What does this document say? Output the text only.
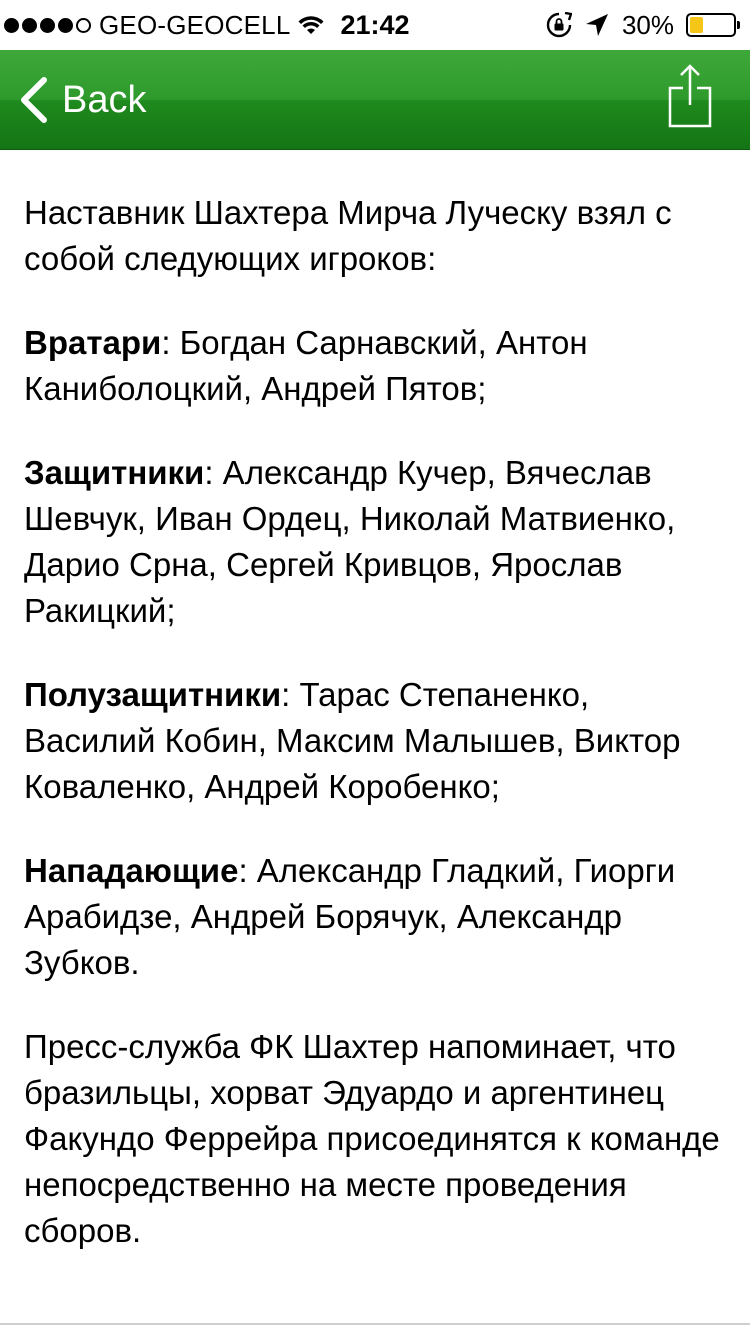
GEO-GEOCELL	21:42	30%
Back

Наставник Шахтера Мирча Луческу взял с собой следующих игроков:

Вратари: Богдан Сарнавский, Антон Каниболоцкий, Андрей Пятов;

Защитники: Александр Кучер, Вячеслав Шевчук, Иван Ордец, Николай Матвиенко, Дарио Срна, Сергей Кривцов, Ярослав Ракицкий;

Полузащитники: Тарас Степаненко, Василий Кобин, Максим Малышев, Виктор Коваленко, Андрей Коробенко;

Нападающие: Александр Гладкий, Гиорги Арабидзе, Андрей Борячук, Александр Зубков.

Пресс-служба ФК Шахтер напоминает, что бразильцы, хорват Эдуардо и аргентинец Факундо Феррейра присоединятся к команде непосредственно на месте проведения сборов.
